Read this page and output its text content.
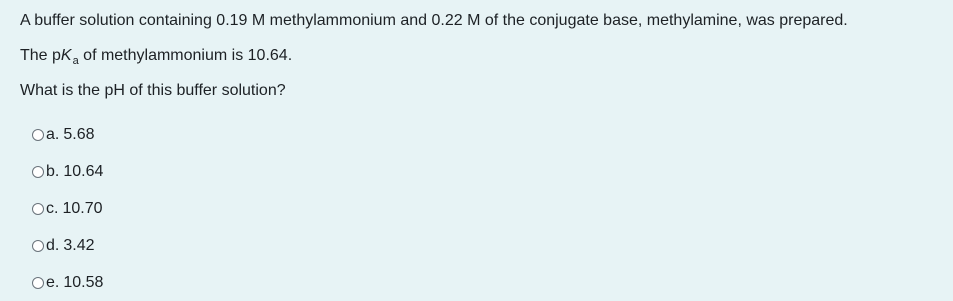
A buffer solution containing 0.19 M methylammonium and 0.22 M of the conjugate base, methylamine, was prepared.
The $pK_a$ of methylammonium is 10.64.
What is the pH of this buffer solution?
a. 5.68
b. 10.64
c. 10.70
d. 3.42
e. 10.58
